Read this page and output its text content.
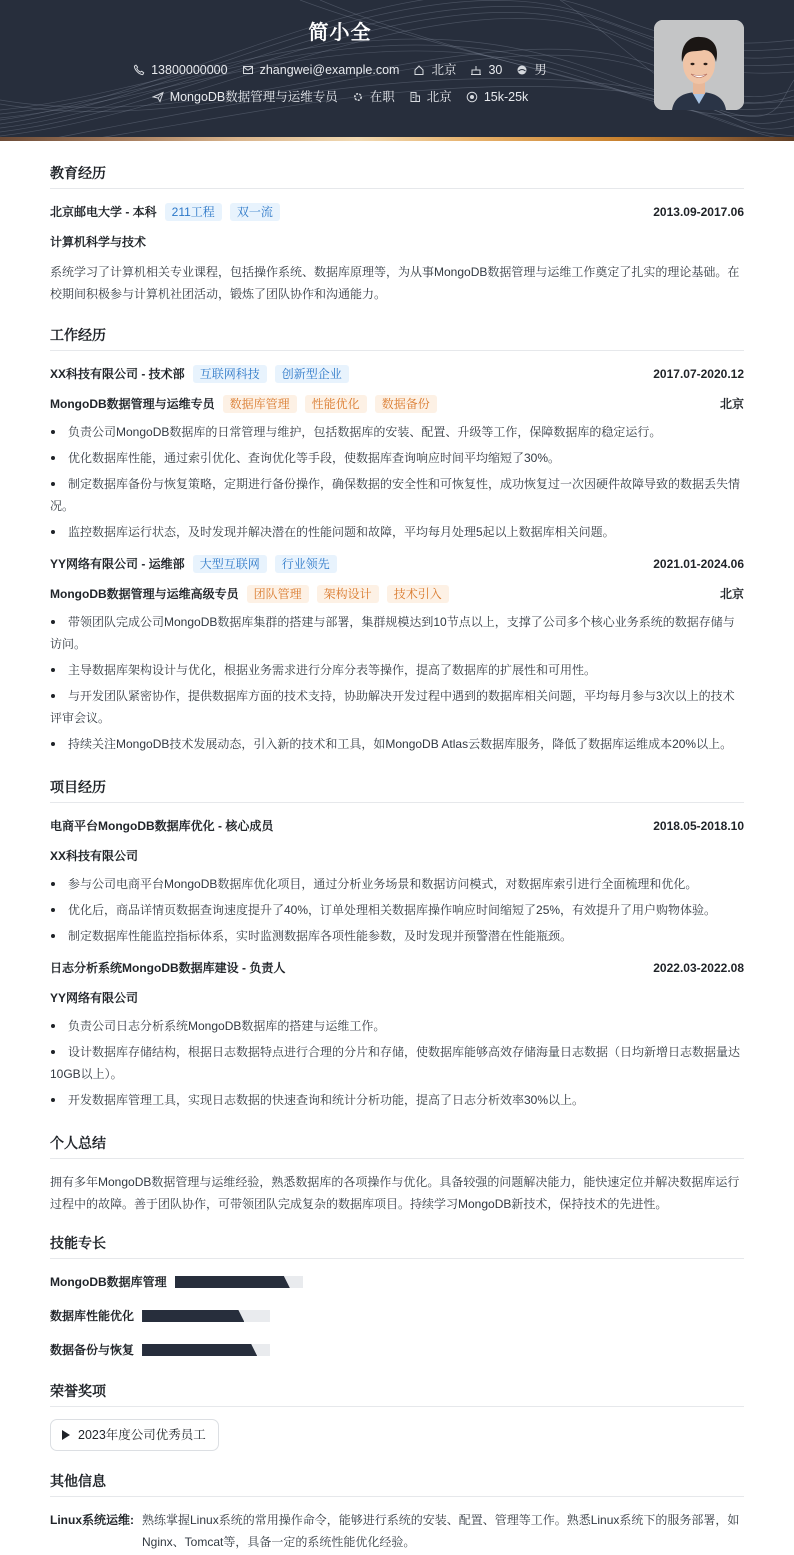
简小全
13800000000	zhangwei@example.com	北京	30	男
MongoDB数据管理与运维专员	在职	北京	15k-25k
教育经历
北京邮电大学 - 本科	211工程	双一流	2013.09-2017.06
计算机科学与技术
系统学习了计算机相关专业课程，包括操作系统、数据库原理等，为从事MongoDB数据管理与运维工作奠定了扎实的理论基础。在校期间积极参与计算机社团活动，锻炼了团队协作和沟通能力。
工作经历
XX科技有限公司 - 技术部	互联网科技	创新型企业	2017.07-2020.12
MongoDB数据管理与运维专员	数据库管理	性能优化	数据备份	北京
负责公司MongoDB数据库的日常管理与维护，包括数据库的安装、配置、升级等工作，保障数据库的稳定运行。
优化数据库性能，通过索引优化、查询优化等手段，使数据库查询响应时间平均缩短了30%。
制定数据库备份与恢复策略，定期进行备份操作，确保数据的安全性和可恢复性，成功恢复过一次因硬件故障导致的数据丢失情况。
监控数据库运行状态，及时发现并解决潜在的性能问题和故障，平均每月处理5起以上数据库相关问题。
YY网络有限公司 - 运维部	大型互联网	行业领先	2021.01-2024.06
MongoDB数据管理与运维高级专员	团队管理	架构设计	技术引入	北京
带领团队完成公司MongoDB数据库集群的搭建与部署，集群规模达到10节点以上，支撑了公司多个核心业务系统的数据存储与访问。
主导数据库架构设计与优化，根据业务需求进行分库分表等操作，提高了数据库的扩展性和可用性。
与开发团队紧密协作，提供数据库方面的技术支持，协助解决开发过程中遇到的数据库相关问题，平均每月参与3次以上的技术评审会议。
持续关注MongoDB技术发展动态，引入新的技术和工具，如MongoDB Atlas云数据库服务，降低了数据库运维成本20%以上。
项目经历
电商平台MongoDB数据库优化 - 核心成员	2018.05-2018.10
XX科技有限公司
参与公司电商平台MongoDB数据库优化项目，通过分析业务场景和数据访问模式，对数据库索引进行全面梳理和优化。
优化后，商品详情页数据查询速度提升了40%，订单处理相关数据库操作响应时间缩短了25%，有效提升了用户购物体验。
制定数据库性能监控指标体系，实时监测数据库各项性能参数，及时发现并预警潜在性能瓶颈。
日志分析系统MongoDB数据库建设 - 负责人	2022.03-2022.08
YY网络有限公司
负责公司日志分析系统MongoDB数据库的搭建与运维工作。
设计数据库存储结构，根据日志数据特点进行合理的分片和存储，使数据库能够高效存储海量日志数据（日均新增日志数据量达10GB以上）。
开发数据库管理工具，实现日志数据的快速查询和统计分析功能，提高了日志分析效率30%以上。
个人总结
拥有多年MongoDB数据管理与运维经验，熟悉数据库的各项操作与优化。具备较强的问题解决能力，能快速定位并解决数据库运行过程中的故障。善于团队协作，可带领团队完成复杂的数据库项目。持续学习MongoDB新技术，保持技术的先进性。
技能专长
MongoDB数据库管理
数据库性能优化
数据备份与恢复
荣誉奖项
2023年度公司优秀员工
其他信息
Linux系统运维: 熟练掌握Linux系统的常用操作命令，能够进行系统的安装、配置、管理等工作。熟悉Linux系统下的服务部署，如Nginx、Tomcat等，具备一定的系统性能优化经验。
